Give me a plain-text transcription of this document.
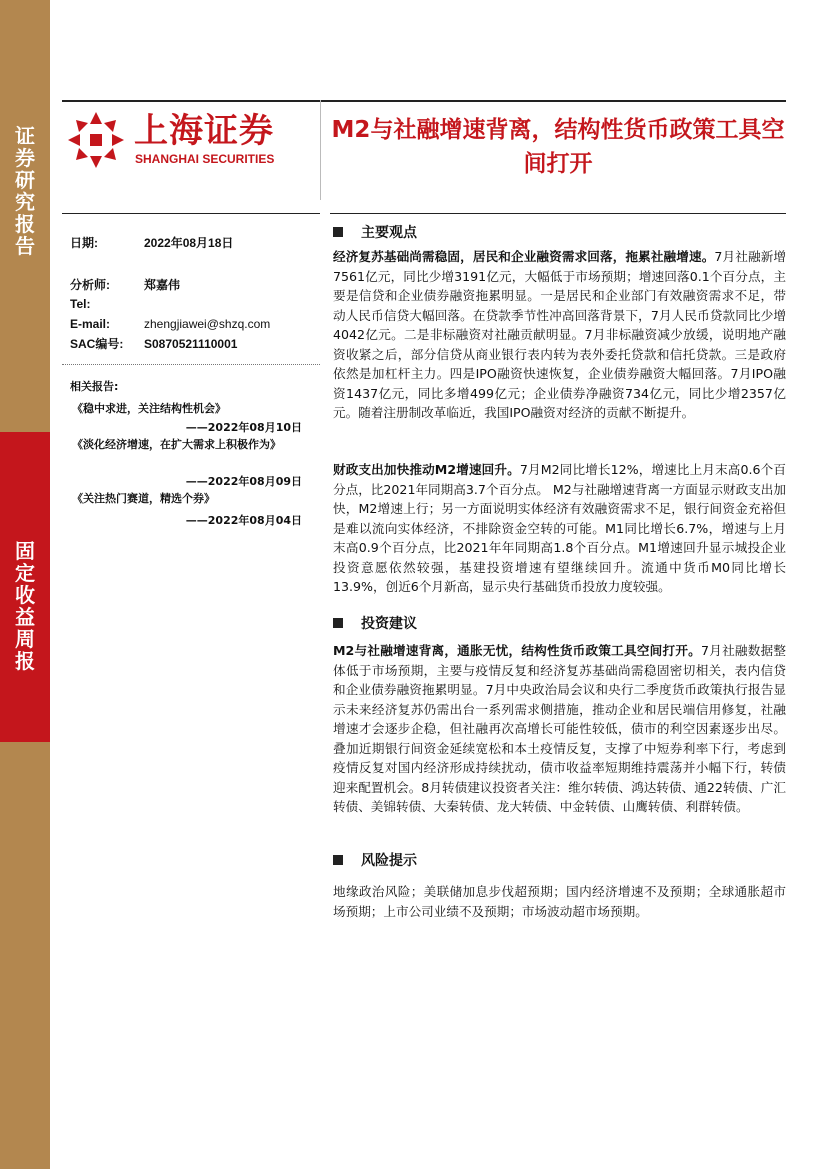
证券研究报告
固定收益周报
上海证券
SHANGHAI SECURITIES
M2与社融增速背离，结构性货币政策工具空间打开
日期:	2022年08月18日
分析师:	郑嘉伟
Tel:
E-mail:	zhengjiawei@shzq.com
SAC编号: S0870521110001
相关报告:
《稳中求进，关注结构性机会》
——2022年08月10日
《淡化经济增速，在扩大需求上积极作为》
——2022年08月09日
《关注热门赛道，精选个券》
——2022年08月04日
主要观点
经济复苏基础尚需稳固，居民和企业融资需求回落，拖累社融增速。7月社融新增7561亿元，同比少增3191亿元，大幅低于市场预期；增速回落0.1个百分点，主要是信贷和企业债券融资拖累明显。一是居民和企业部门有效融资需求不足，带动人民币信贷大幅回落。在贷款季节性冲高回落背景下，7月人民币贷款同比少增4042亿元。二是非标融资对社融贡献明显。7月非标融资减少放缓，说明地产融资收紧之后，部分信贷从商业银行表内转为表外委托贷款和信托贷款。三是政府依然是加杠杆主力。四是IPO融资快速恢复，企业债券融资大幅回落。7月IPO融资1437亿元，同比多增499亿元；企业债券净融资734亿元，同比少增2357亿元。随着注册制改革临近，我国IPO融资对经济的贡献不断提升。
财政支出加快推动M2增速回升。7月M2同比增长12%，增速比上月末高0.6个百分点，比2021年同期高3.7个百分点。 M2与社融增速背离一方面显示财政支出加快，M2增速上行；另一方面说明实体经济有效融资需求不足，银行间资金充裕但是难以流向实体经济，不排除资金空转的可能。M1同比增长6.7%，增速与上月末高0.9个百分点，比2021年年同期高1.8个百分点。M1增速回升显示城投企业投资意愿依然较强，基建投资增速有望继续回升。流通中货币M0同比增长13.9%，创近6个月新高，显示央行基础货币投放力度较强。
投资建议
M2与社融增速背离，通胀无忧，结构性货币政策工具空间打开。7月社融数据整体低于市场预期，主要与疫情反复和经济复苏基础尚需稳固密切相关，表内信贷和企业债券融资拖累明显。7月中央政治局会议和央行二季度货币政策执行报告显示未来经济复苏仍需出台一系列需求侧措施，推动企业和居民端信用修复，社融增速才会逐步企稳，但社融再次高增长可能性较低，债市的利空因素逐步出尽。叠加近期银行间资金延续宽松和本土疫情反复，支撑了中短券利率下行，考虑到疫情反复对国内经济形成持续扰动，债市收益率短期维持震荡并小幅下行，转债迎来配置机会。8月转债建议投资者关注：维尔转债、鸿达转债、通22转债、广汇转债、美锦转债、大秦转债、龙大转债、中金转债、山鹰转债、利群转债。
风险提示
地缘政治风险；美联储加息步伐超预期；国内经济增速不及预期；全球通胀超市场预期；上市公司业绩不及预期；市场波动超市场预期。
